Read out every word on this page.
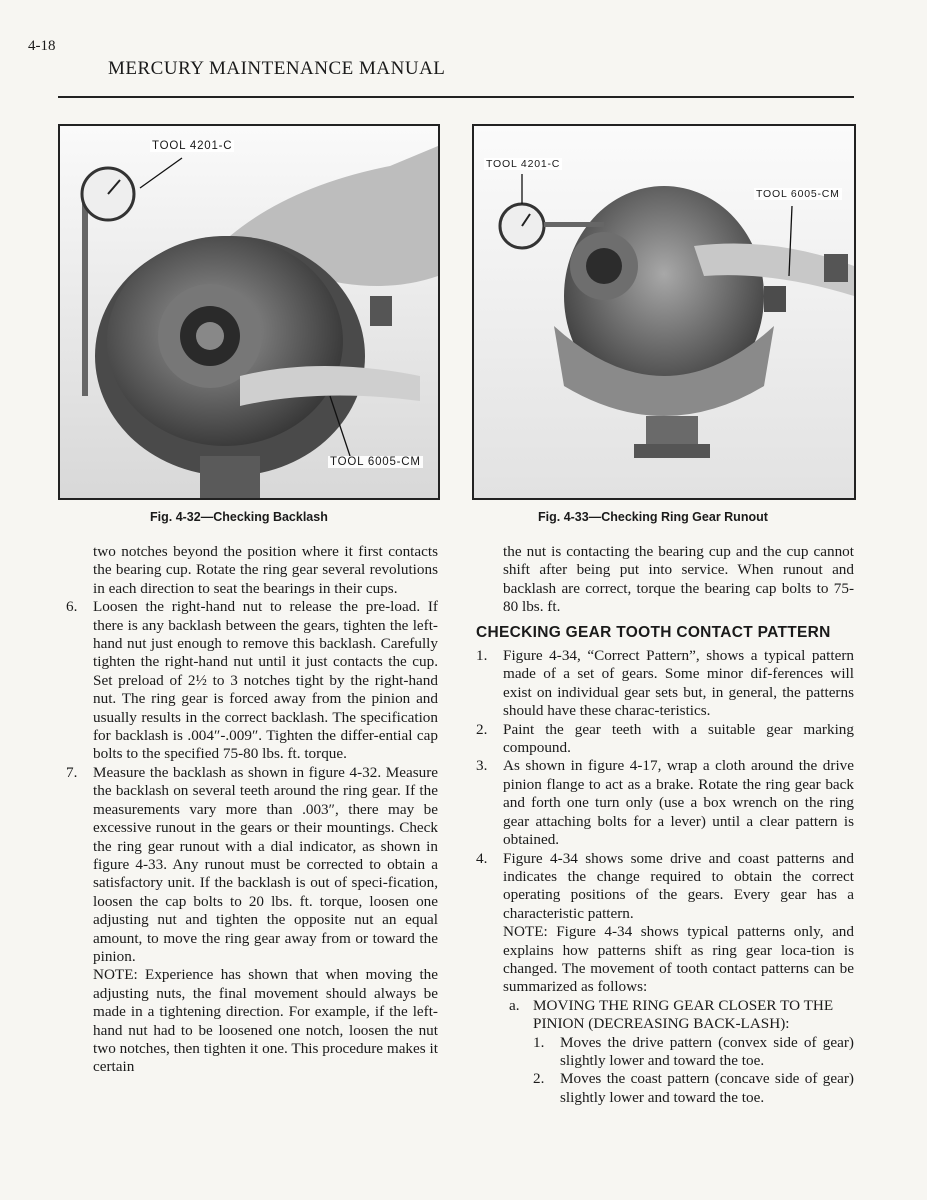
4-18
MERCURY MAINTENANCE MANUAL
TOOL 4201-C
TOOL 6005-CM
TOOL 4201-C
TOOL 6005-CM
Fig. 4-32—Checking Backlash	Fig. 4-33—Checking Ring Gear Runout

two notches beyond the position where it first contacts the bearing cup. Rotate the ring gear several revolutions in each direction to seat the bearings in their cups.

6. Loosen the right-hand nut to release the pre-load. If there is any backlash between the gears, tighten the left-hand nut just enough to remove this backlash. Carefully tighten the right-hand nut until it just contacts the cup. Set preload of 2½ to 3 notches tight by the right-hand nut. The ring gear is forced away from the pinion and usually results in the correct backlash. The specification for backlash is .004″-.009″. Tighten the differ-ential cap bolts to the specified 75-80 lbs. ft. torque.

7. Measure the backlash as shown in figure 4-32. Measure the backlash on several teeth around the ring gear. If the measurements vary more than .003″, there may be excessive runout in the gears or their mountings. Check the ring gear runout with a dial indicator, as shown in figure 4-33. Any runout must be corrected to obtain a satisfactory unit. If the backlash is out of speci-fication, loosen the cap bolts to 20 lbs. ft. torque, loosen one adjusting nut and tighten the opposite nut an equal amount, to move the ring gear away from or toward the pinion.

NOTE: Experience has shown that when moving the adjusting nuts, the final movement should always be made in a tightening direction. For example, if the left-hand nut had to be loosened one notch, loosen the nut two notches, then tighten it one. This procedure makes it certain

the nut is contacting the bearing cup and the cup cannot shift after being put into service. When runout and backlash are correct, torque the bearing cap bolts to 75-80 lbs. ft.

CHECKING GEAR TOOTH CONTACT PATTERN

1. Figure 4-34, “Correct Pattern”, shows a typical pattern made of a set of gears. Some minor dif-ferences will exist on individual gear sets but, in general, the patterns should have these charac-teristics.

2. Paint the gear teeth with a suitable gear marking compound.

3. As shown in figure 4-17, wrap a cloth around the drive pinion flange to act as a brake. Rotate the ring gear back and forth one turn only (use a box wrench on the ring gear attaching bolts for a lever) until a clear pattern is obtained.

4. Figure 4-34 shows some drive and coast patterns and indicates the change required to obtain the correct operating positions of the gears. Every gear has a characteristic pattern.

NOTE: Figure 4-34 shows typical patterns only, and explains how patterns shift as ring gear loca-tion is changed. The movement of tooth contact patterns can be summarized as follows:

a. MOVING THE RING GEAR CLOSER TO THE PINION (DECREASING BACK-LASH):

1. Moves the drive pattern (convex side of gear) slightly lower and toward the toe.

2. Moves the coast pattern (concave side of gear) slightly lower and toward the toe.
